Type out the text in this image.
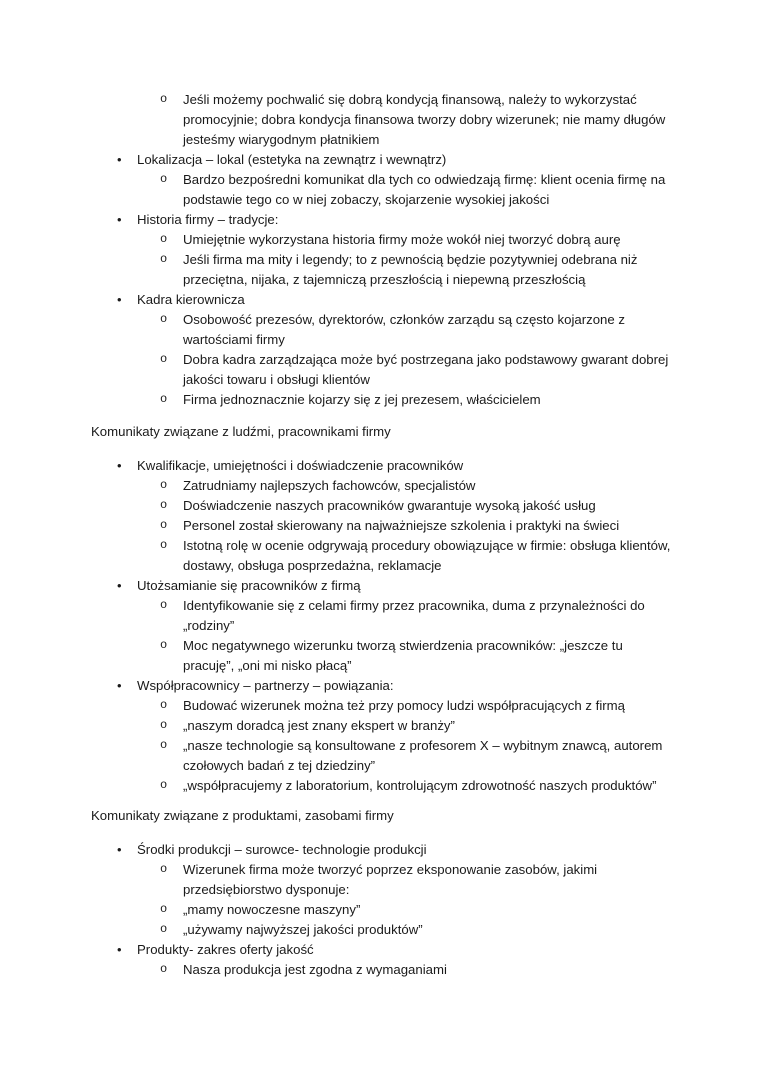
o Jeśli możemy pochwalić się dobrą kondycją finansową, należy to wykorzystać promocyjnie; dobra kondycja finansowa tworzy dobry wizerunek; nie mamy długów jesteśmy wiarygodnym płatnikiem
• Lokalizacja – lokal (estetyka na zewnątrz i wewnątrz)
o Bardzo bezpośredni komunikat dla tych co odwiedzają firmę: klient ocenia firmę na podstawie tego co w niej zobaczy, skojarzenie wysokiej jakości
• Historia firmy – tradycje:
o Umiejętnie wykorzystana historia firmy może wokół niej tworzyć dobrą aurę
o Jeśli firma ma mity i legendy; to z pewnością będzie pozytywniej odebrana niż przeciętna, nijaka, z tajemniczą przeszłością i niepewną przeszłością
• Kadra kierownicza
o Osobowość prezesów, dyrektorów, członków zarządu są często kojarzone z wartościami firmy
o Dobra kadra zarządzająca może być postrzegana jako podstawowy gwarant dobrej jakości towaru i obsługi klientów
o Firma jednoznacznie kojarzy się z jej prezesem, właścicielem
Komunikaty związane z ludźmi, pracownikami firmy
• Kwalifikacje, umiejętności i doświadczenie pracowników
o Zatrudniamy najlepszych fachowców, specjalistów
o Doświadczenie naszych pracowników gwarantuje wysoką jakość usług
o Personel został skierowany na najważniejsze szkolenia i praktyki na świeci
o Istotną rolę w ocenie odgrywają procedury obowiązujące w firmie: obsługa klientów, dostawy, obsługa posprzedażna, reklamacje
• Utożsamianie się pracowników z firmą
o Identyfikowanie się z celami firmy przez pracownika, duma z przynależności do „rodziny”
o Moc negatywnego wizerunku tworzą stwierdzenia pracowników: „jeszcze tu pracuję”, „oni mi nisko płacą”
• Współpracownicy – partnerzy – powiązania:
o Budować wizerunek można też przy pomocy ludzi współpracujących z firmą
o „naszym doradcą jest znany ekspert w branży”
o „nasze technologie są konsultowane z profesorem X – wybitnym znawcą, autorem czołowych badań z tej dziedziny”
o „współpracujemy z laboratorium, kontrolującym zdrowotność naszych produktów”
Komunikaty związane z produktami, zasobami firmy
• Środki produkcji – surowce- technologie produkcji
o Wizerunek firma może tworzyć poprzez eksponowanie zasobów, jakimi przedsiębiorstwo dysponuje:
o „mamy nowoczesne maszyny”
o „używamy najwyższej jakości produktów”
• Produkty- zakres oferty jakość
o Nasza produkcja jest zgodna z wymaganiami
